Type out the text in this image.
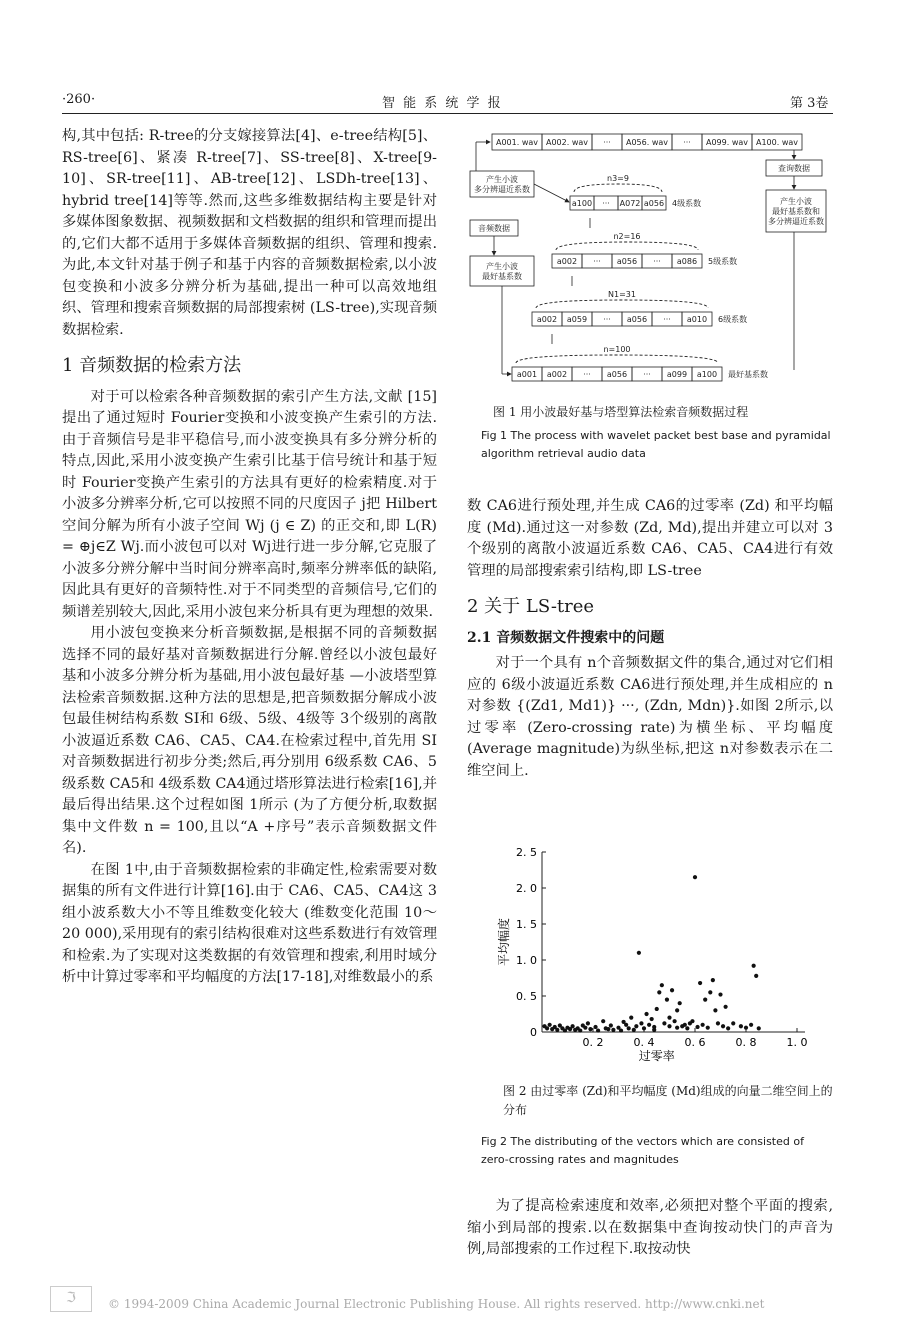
·260·	智 能 系 统 学 报	第 3卷

构,其中包括: R-tree的分支嫁接算法[4]、e-tree结构[5]、RS-tree[6]、紧凑 R-tree[7]、SS-tree[8]、X-tree[9-10]、SR-tree[11]、AB-tree[12]、LSDh-tree[13]、hybrid tree[14]等等.然而,这些多维数据结构主要是针对多媒体图象数据、视频数据和文档数据的组织和管理而提出的,它们大都不适用于多媒体音频数据的组织、管理和搜索.为此,本文针对基于例子和基于内容的音频数据检索,以小波包变换和小波多分辨分析为基础,提出一种可以高效地组织、管理和搜索音频数据的局部搜索树 (LS-tree),实现音频数据检索.

1 音频数据的检索方法

对于可以检索各种音频数据的索引产生方法,文献 [15]提出了通过短时 Fourier变换和小波变换产生索引的方法.由于音频信号是非平稳信号,而小波变换具有多分辨分析的特点,因此,采用小波变换产生索引比基于信号统计和基于短时 Fourier变换产生索引的方法具有更好的检索精度.对于小波多分辨率分析,它可以按照不同的尺度因子 j把 Hilbert空间分解为所有小波子空间 Wj (j ∈ Z) 的正交和,即 L(R) = ⊕j∈Z Wj.而小波包可以对 Wj进行进一步分解,它克服了小波多分辨分解中当时间分辨率高时,频率分辨率低的缺陷,因此具有更好的音频特性.对于不同类型的音频信号,它们的频谱差别较大,因此,采用小波包来分析具有更为理想的效果.

用小波包变换来分析音频数据,是根据不同的音频数据选择不同的最好基对音频数据进行分解.曾经以小波包最好基和小波多分辨分析为基础,用小波包最好基 —小波塔型算法检索音频数据.这种方法的思想是,把音频数据分解成小波包最佳树结构系数 SI和 6级、5级、4级等 3个级别的离散小波逼近系数 CA6、CA5、CA4.在检索过程中,首先用 SI对音频数据进行初步分类;然后,再分别用 6级系数 CA6、5级系数 CA5和 4级系数 CA4通过塔形算法进行检索[16],并最后得出结果.这个过程如图 1所示 (为了方便分析,取数据集中文件数 n = 100,且以“A +序号”表示音频数据文件名).

在图 1中,由于音频数据检索的非确定性,检索需要对数据集的所有文件进行计算[16].由于 CA6、CA5、CA4这 3组小波系数大小不等且维数变化较大 (维数变化范围 10～20 000),采用现有的索引结构很难对这些系数进行有效管理和检索.为了实现对这类数据的有效管理和搜索,利用时域分析中计算过零率和平均幅度的方法[17-18],对维数最小的系

A001. wav A002. wav ··· A056. wav ··· A099. wav A100. wav
产生小波
多分辨逼近系数
音频数据
产生小波
最好基系数
查询数据
产生小波
最好基系数和
多分辨逼近系数
a100 ··· A072 a056
n3=9
4级系数
a002 ··· a056 ··· a086
n2=16
5级系数
a002 a059 ··· a056 ··· a010
N1=31
6级系数
a001 a002 ··· a056 ··· a099 a100
n=100
最好基系数
图 1 用小波最好基与塔型算法检索音频数据过程
Fig 1 The process with wavelet packet best base and pyramidal algorithm retrieval audio data

数 CA6进行预处理,并生成 CA6的过零率 (Zd) 和平均幅度 (Md).通过这一对参数 (Zd, Md),提出并建立可以对 3个级别的离散小波逼近系数 CA6、CA5、CA4进行有效管理的局部搜索索引结构,即 LS-tree

2 关于 LS-tree
2.1 音频数据文件搜索中的问题

对于一个具有 n个音频数据文件的集合,通过对它们相应的 6级小波逼近系数 CA6进行预处理,并生成相应的 n对参数 {(Zd1, Md1)} ···, (Zdn, Mdn)}.如图 2所示,以过零率 (Zero-crossing rate)为横坐标、平均幅度 (Average magnitude)为纵坐标,把这 n对参数表示在二维空间上.

0
0. 5
1. 0
1. 5
2. 0
2. 5
0. 2	0. 4	0. 6	0. 8	1. 0
过零率
平均幅度
图 2 由过零率 (Zd)和平均幅度 (Md)组成的向量二维空间上的分布
Fig 2 The distributing of the vectors which are consisted of zero-crossing rates and magnitudes

为了提高检索速度和效率,必须把对整个平面的搜索,缩小到局部的搜索.以在数据集中查询按动快门的声音为例,局部搜索的工作过程下.取按动快

ℑ	© 1994-2009 China Academic Journal Electronic Publishing House. All rights reserved. http://www.cnki.net
